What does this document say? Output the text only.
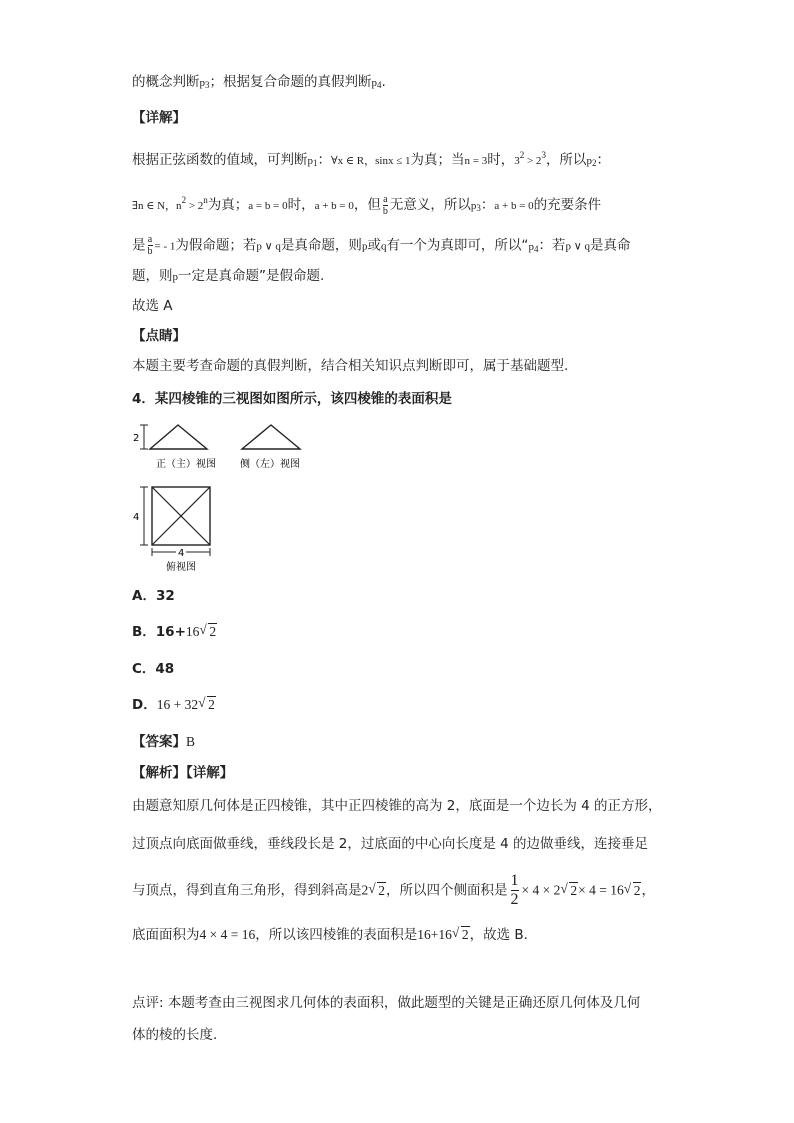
的概念判断$p_3$；根据复合命题的真假判断$p_4$.
【详解】
根据正弦函数的值域，可判断$p_1$：∀x ∈ R，sinx ≤ 1为真；当n = 3时，$3^2 > 2^3$，所以$p_2$：
∃n ∈ N，$n^2 > 2^n$为真；a = b = 0时，a + b = 0，但 $\frac{a}{b}$ 无意义，所以$p_3$：a + b = 0的充要条件
是 $\frac{a}{b}$ = - 1为假命题；若p ∨ q是真命题，则p或q有一个为真即可，所以“$p_4$：若p ∨ q是真命
题，则p一定是真命题”是假命题.
故选 A
【点睛】
本题主要考查命题的真假判断，结合相关知识点判断即可，属于基础题型.
4．某四棱锥的三视图如图所示，该四棱锥的表面积是
2
正（主）视图 侧（左）视图
4
4
俯视图
A．32
B．16+16√ 2
C．48
D．16 + 32√ 2
【答案】B
【解析】【详解】
由题意知原几何体是正四棱锥，其中正四棱锥的高为 2，底面是一个边长为 4 的正方形，
过顶点向底面做垂线，垂线段长是 2，过底面的中心向长度是 4 的边做垂线，连接垂足
与顶点，得到直角三角形，得到斜高是2√ 2，所以四个侧面积是 $\frac{1}{2} \times 4 \times 2√$ 2× 4 = 16√ 2，
底面面积为4 × 4 = 16，所以该四棱锥的表面积是16+16√ 2，故选 B.
点评: 本题考查由三视图求几何体的表面积，做此题型的关键是正确还原几何体及几何
体的棱的长度.
